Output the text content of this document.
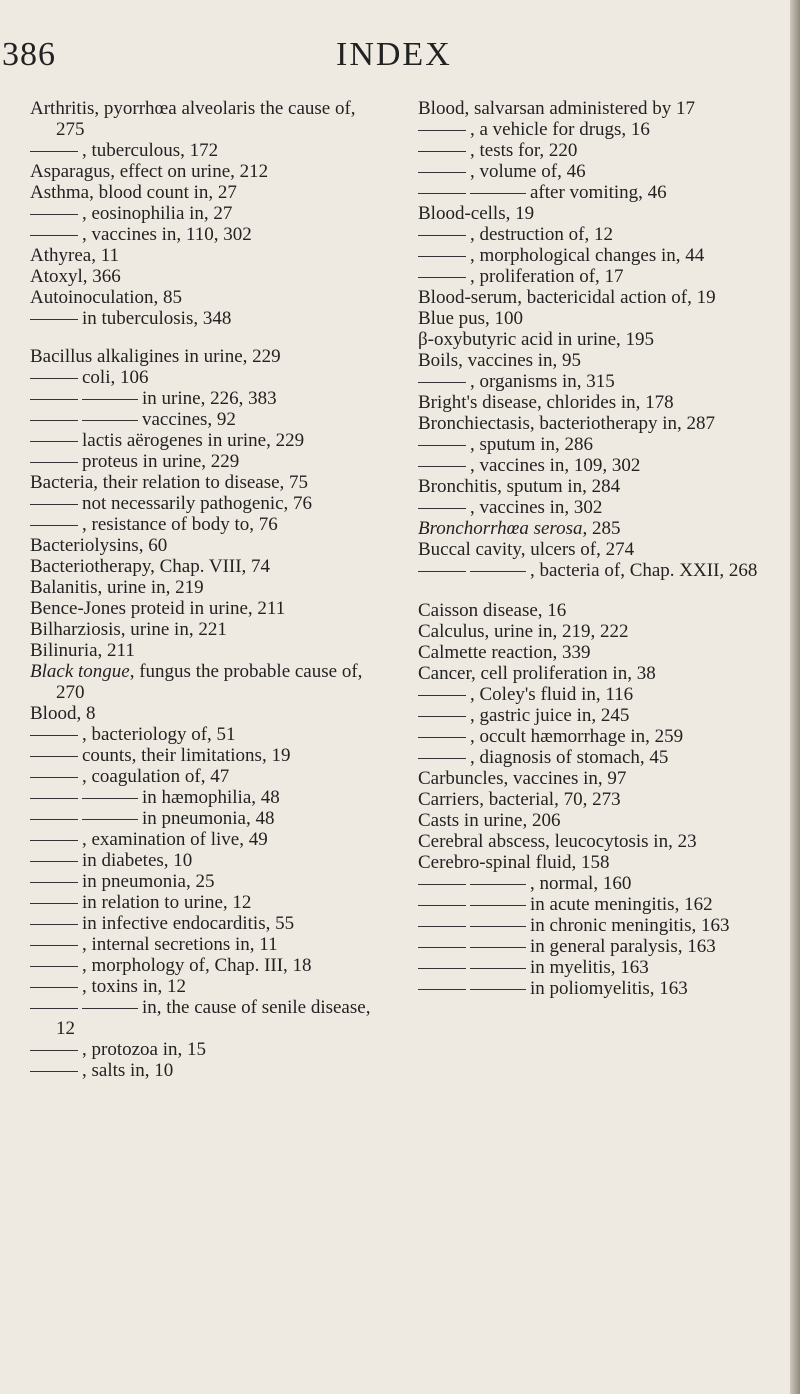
386	INDEX
Arthritis, pyorrhœa alveolaris the cause of, 275
, tuberculous, 172
Asparagus, effect on urine, 212
Asthma, blood count in, 27
, eosinophilia in, 27
, vaccines in, 110, 302
Athyrea, 11
Atoxyl, 366
Autoinoculation, 85
in tuberculosis, 348
Bacillus alkaligines in urine, 229
coli, 106
in urine, 226, 383
vaccines, 92
lactis aërogenes in urine, 229
proteus in urine, 229
Bacteria, their relation to disease, 75
not necessarily pathogenic, 76
, resistance of body to, 76
Bacteriolysins, 60
Bacteriotherapy, Chap. VIII, 74
Balanitis, urine in, 219
Bence-Jones proteid in urine, 211
Bilharziosis, urine in, 221
Bilinuria, 211
Black tongue, fungus the probable cause of, 270
Blood, 8
, bacteriology of, 51
counts, their limitations, 19
, coagulation of, 47
in hæmophilia, 48
in pneumonia, 48
, examination of live, 49
in diabetes, 10
in pneumonia, 25
in relation to urine, 12
in infective endocarditis, 55
, internal secretions in, 11
, morphology of, Chap. III, 18
, toxins in, 12
in, the cause of senile disease, 12
, protozoa in, 15
, salts in, 10
Blood, salvarsan administered by 17
, a vehicle for drugs, 16
, tests for, 220
, volume of, 46
after vomiting, 46
Blood-cells, 19
, destruction of, 12
, morphological changes in, 44
, proliferation of, 17
Blood-serum, bactericidal action of, 19
Blue pus, 100
β-oxybutyric acid in urine, 195
Boils, vaccines in, 95
, organisms in, 315
Bright's disease, chlorides in, 178
Bronchiectasis, bacteriotherapy in, 287
, sputum in, 286
, vaccines in, 109, 302
Bronchitis, sputum in, 284
, vaccines in, 302
Bronchorrhœa serosa, 285
Buccal cavity, ulcers of, 274
, bacteria of, Chap. XXII, 268
Caisson disease, 16
Calculus, urine in, 219, 222
Calmette reaction, 339
Cancer, cell proliferation in, 38
, Coley's fluid in, 116
, gastric juice in, 245
, occult hæmorrhage in, 259
, diagnosis of stomach, 45
Carbuncles, vaccines in, 97
Carriers, bacterial, 70, 273
Casts in urine, 206
Cerebral abscess, leucocytosis in, 23
Cerebro-spinal fluid, 158
, normal, 160
in acute meningitis, 162
in chronic meningitis, 163
in general paralysis, 163
in myelitis, 163
in poliomyelitis, 163
